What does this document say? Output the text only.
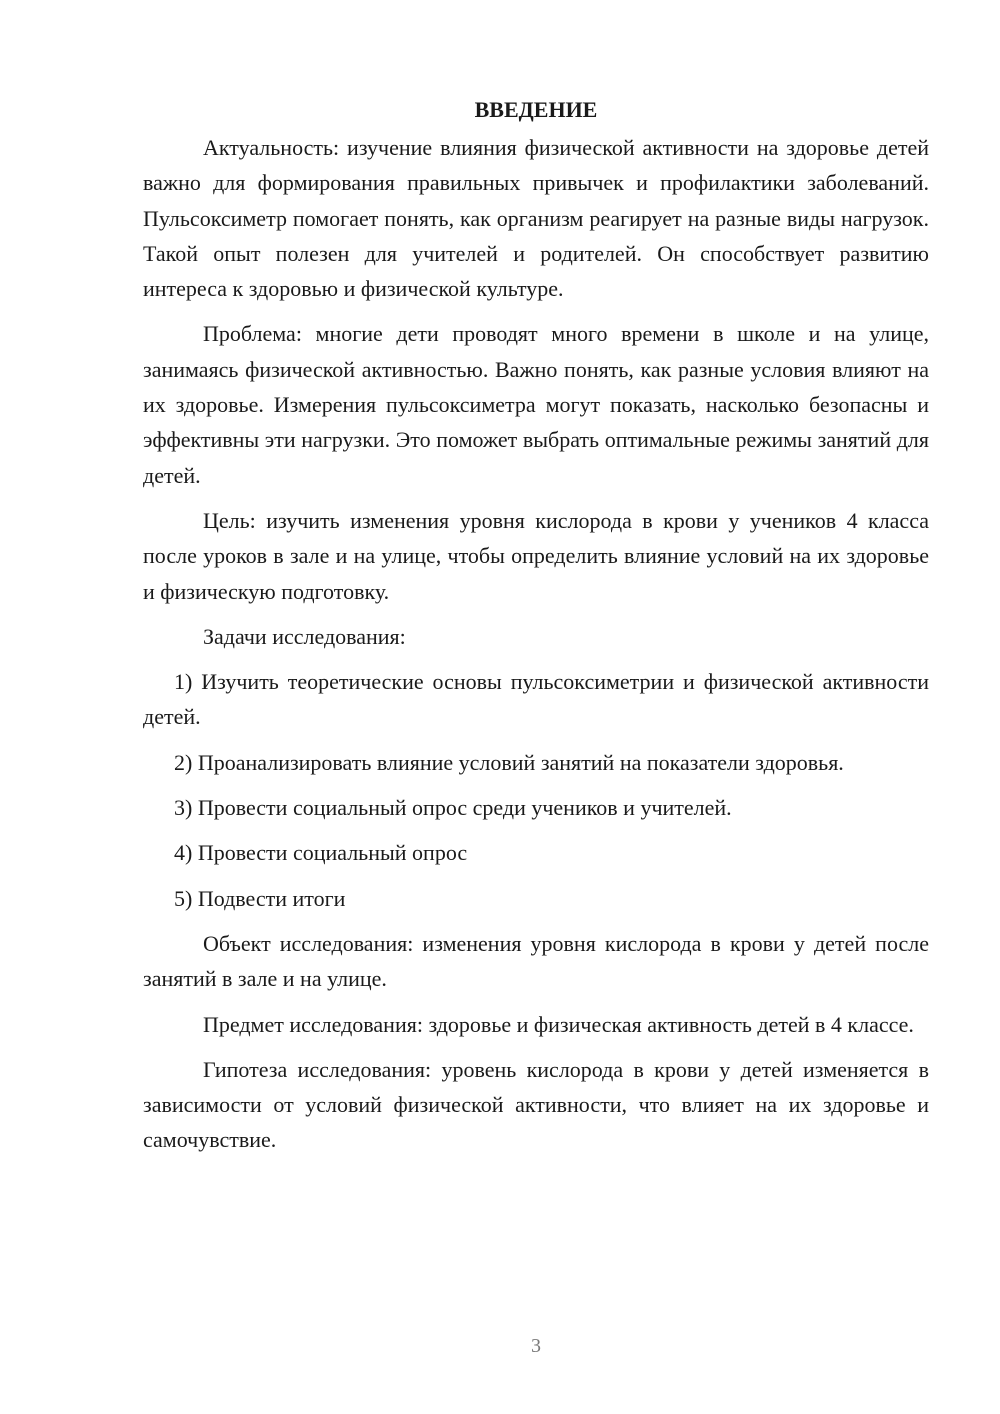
ВВЕДЕНИЕ

Актуальность: изучение влияния физической активности на здоровье детей важно для формирования правильных привычек и профилактики заболеваний. Пульсоксиметр помогает понять, как организм реагирует на разные виды нагрузок. Такой опыт полезен для учителей и родителей. Он способствует развитию интереса к здоровью и физической культуре.

Проблема: многие дети проводят много времени в школе и на улице, занимаясь физической активностью. Важно понять, как разные условия влияют на их здоровье. Измерения пульсоксиметра могут показать, насколько безопасны и эффективны эти нагрузки. Это поможет выбрать оптимальные режимы занятий для детей.

Цель: изучить изменения уровня кислорода в крови у учеников 4 класса после уроков в зале и на улице, чтобы определить влияние условий на их здоровье и физическую подготовку.

Задачи исследования:

1) Изучить теоретические основы пульсоксиметрии и физической активности детей.

2) Проанализировать влияние условий занятий на показатели здоровья.

3) Провести социальный опрос среди учеников и учителей.

4) Провести социальный опрос

5) Подвести итоги

Объект исследования: изменения уровня кислорода в крови у детей после занятий в зале и на улице.

Предмет исследования: здоровье и физическая активность детей в 4 классе.

Гипотеза исследования: уровень кислорода в крови у детей изменяется в зависимости от условий физической активности, что влияет на их здоровье и самочувствие.

3
